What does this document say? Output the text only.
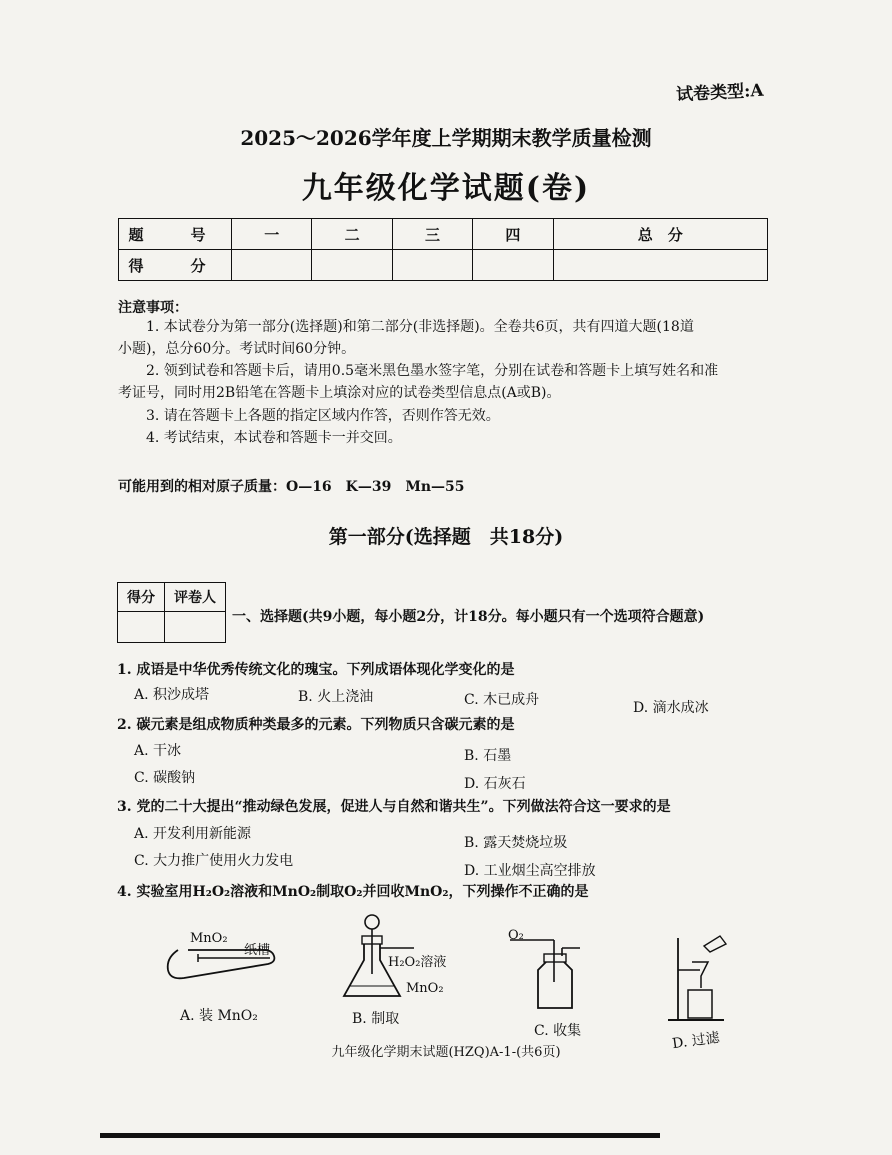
试卷类型:A
2025～2026学年度上学期期末教学质量检测
九年级化学试题(卷)
题　号	一	二	三	四	总　分
得　分					
注意事项：
1. 本试卷分为第一部分(选择题)和第二部分(非选择题)。全卷共6页，共有四道大题(18道
小题)，总分60分。考试时间60分钟。
2. 领到试卷和答题卡后，请用0.5毫米黑色墨水签字笔，分别在试卷和答题卡上填写姓名和准
考证号，同时用2B铅笔在答题卡上填涂对应的试卷类型信息点(A或B)。
3. 请在答题卡上各题的指定区域内作答，否则作答无效。
4. 考试结束，本试卷和答题卡一并交回。
可能用到的相对原子质量：O—16　K—39　Mn—55
第一部分(选择题　共18分)
得分	评卷人

一、选择题(共9小题，每小题2分，计18分。每小题只有一个选项符合题意)
1. 成语是中华优秀传统文化的瑰宝。下列成语体现化学变化的是
A. 积沙成塔	B. 火上浇油	C. 木已成舟	D. 滴水成冰
2. 碳元素是组成物质种类最多的元素。下列物质只含碳元素的是
A. 干冰	B. 石墨
C. 碳酸钠	D. 石灰石
3. 党的二十大提出“推动绿色发展，促进人与自然和谐共生”。下列做法符合这一要求的是
A. 开发利用新能源
B. 露天焚烧垃圾
C. 大力推广使用火力发电
D. 工业烟尘高空排放
4. 实验室用H₂O₂溶液和MnO₂制取O₂并回收MnO₂，下列操作不正确的是
MnO₂
纸槽
A. 装 MnO₂
H₂O₂溶液
MnO₂
B. 制取
O₂
C. 收集	D. 过滤
九年级化学期末试题(HZQ)A-1-(共6页)
